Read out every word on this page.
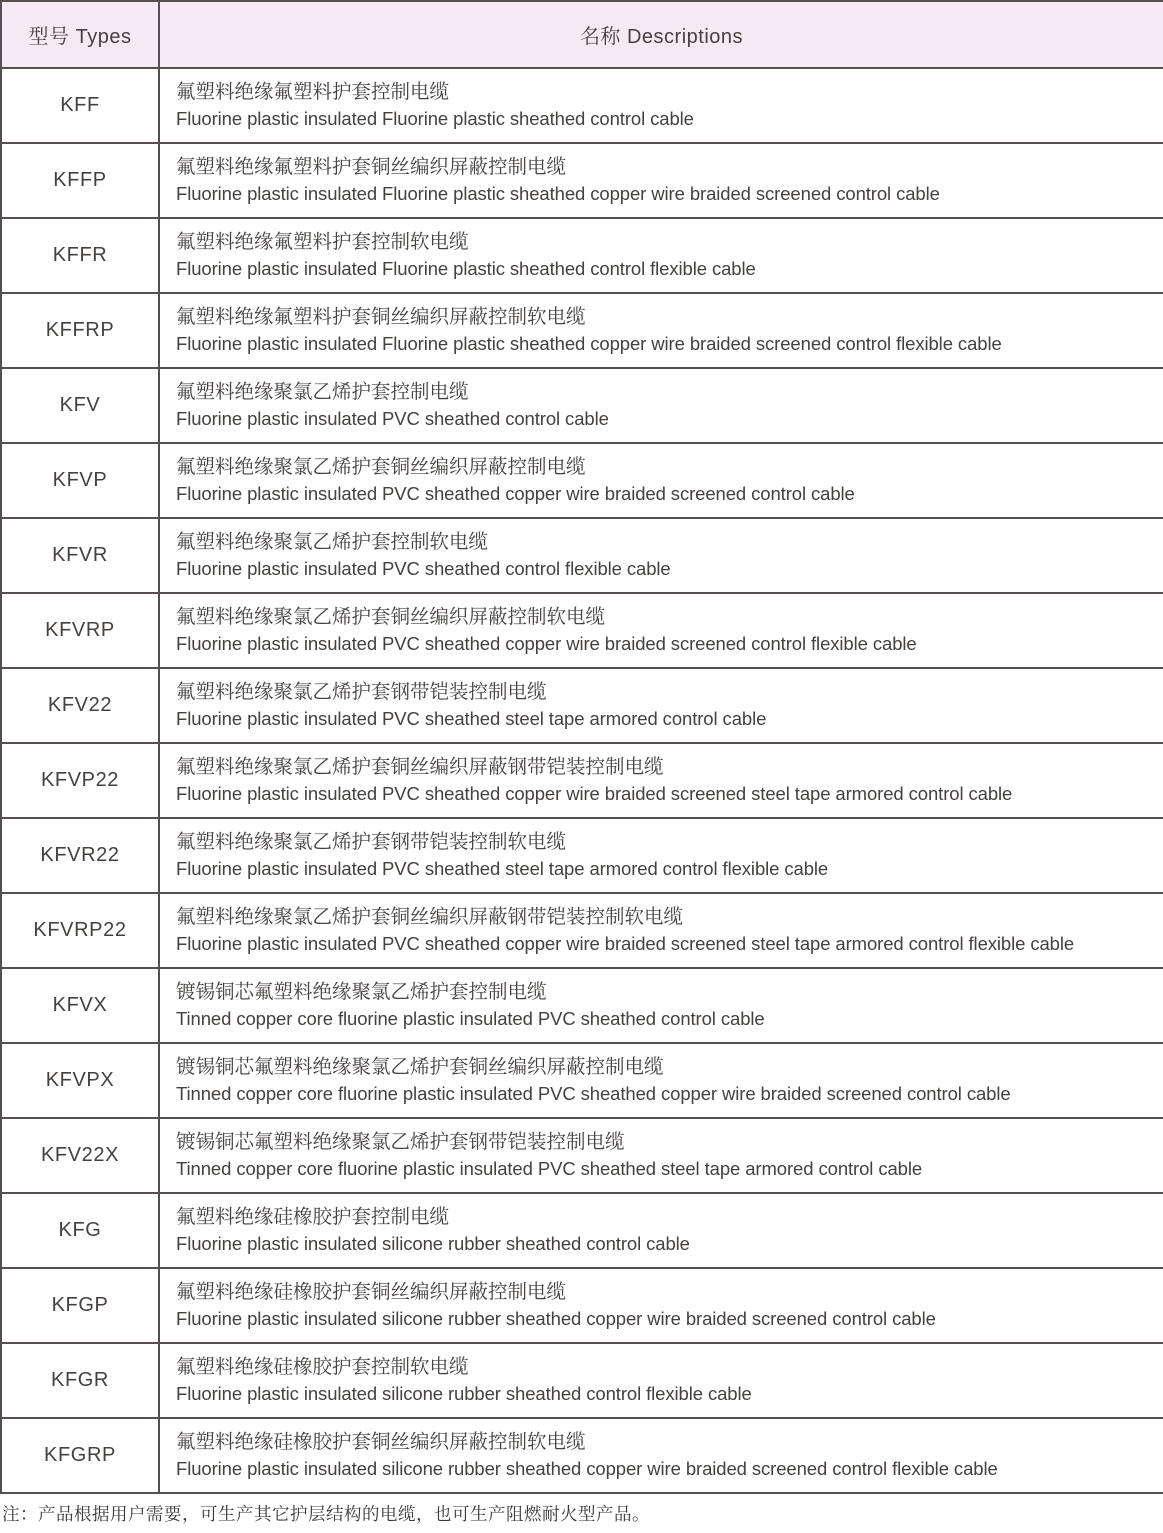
型号 Types	名称 Descriptions
KFF	氟塑料绝缘氟塑料护套控制电缆
Fluorine plastic insulated Fluorine plastic sheathed control cable

KFFP	氟塑料绝缘氟塑料护套铜丝编织屏蔽控制电缆
Fluorine plastic insulated Fluorine plastic sheathed copper wire braided screened control cable

KFFR	氟塑料绝缘氟塑料护套控制软电缆
Fluorine plastic insulated Fluorine plastic sheathed control flexible cable

KFFRP	氟塑料绝缘氟塑料护套铜丝编织屏蔽控制软电缆
Fluorine plastic insulated Fluorine plastic sheathed copper wire braided screened control flexible cable

KFV	氟塑料绝缘聚氯乙烯护套控制电缆
Fluorine plastic insulated PVC sheathed control cable

KFVP	氟塑料绝缘聚氯乙烯护套铜丝编织屏蔽控制电缆
Fluorine plastic insulated PVC sheathed copper wire braided screened control cable

KFVR	氟塑料绝缘聚氯乙烯护套控制软电缆
Fluorine plastic insulated PVC sheathed control flexible cable

KFVRP	氟塑料绝缘聚氯乙烯护套铜丝编织屏蔽控制软电缆
Fluorine plastic insulated PVC sheathed copper wire braided screened control flexible cable

KFV22	氟塑料绝缘聚氯乙烯护套钢带铠装控制电缆
Fluorine plastic insulated PVC sheathed steel tape armored control cable

KFVP22	氟塑料绝缘聚氯乙烯护套铜丝编织屏蔽钢带铠装控制电缆
Fluorine plastic insulated PVC sheathed copper wire braided screened steel tape armored control cable

KFVR22	氟塑料绝缘聚氯乙烯护套钢带铠装控制软电缆
Fluorine plastic insulated PVC sheathed steel tape armored control flexible cable

KFVRP22	氟塑料绝缘聚氯乙烯护套铜丝编织屏蔽钢带铠装控制软电缆
Fluorine plastic insulated PVC sheathed copper wire braided screened steel tape armored control flexible cable

KFVX	镀锡铜芯氟塑料绝缘聚氯乙烯护套控制电缆
Tinned copper core fluorine plastic insulated PVC sheathed control cable

KFVPX	镀锡铜芯氟塑料绝缘聚氯乙烯护套铜丝编织屏蔽控制电缆
Tinned copper core fluorine plastic insulated PVC sheathed copper wire braided screened control cable

KFV22X	镀锡铜芯氟塑料绝缘聚氯乙烯护套钢带铠装控制电缆
Tinned copper core fluorine plastic insulated PVC sheathed steel tape armored control cable

KFG	氟塑料绝缘硅橡胶护套控制电缆
Fluorine plastic insulated silicone rubber sheathed control cable

KFGP	氟塑料绝缘硅橡胶护套铜丝编织屏蔽控制电缆
Fluorine plastic insulated silicone rubber sheathed copper wire braided screened control cable

KFGR	氟塑料绝缘硅橡胶护套控制软电缆
Fluorine plastic insulated silicone rubber sheathed control flexible cable

KFGRP	氟塑料绝缘硅橡胶护套铜丝编织屏蔽控制软电缆
Fluorine plastic insulated silicone rubber sheathed copper wire braided screened control flexible cable
注：产品根据用户需要，可生产其它护层结构的电缆，也可生产阻燃耐火型产品。
